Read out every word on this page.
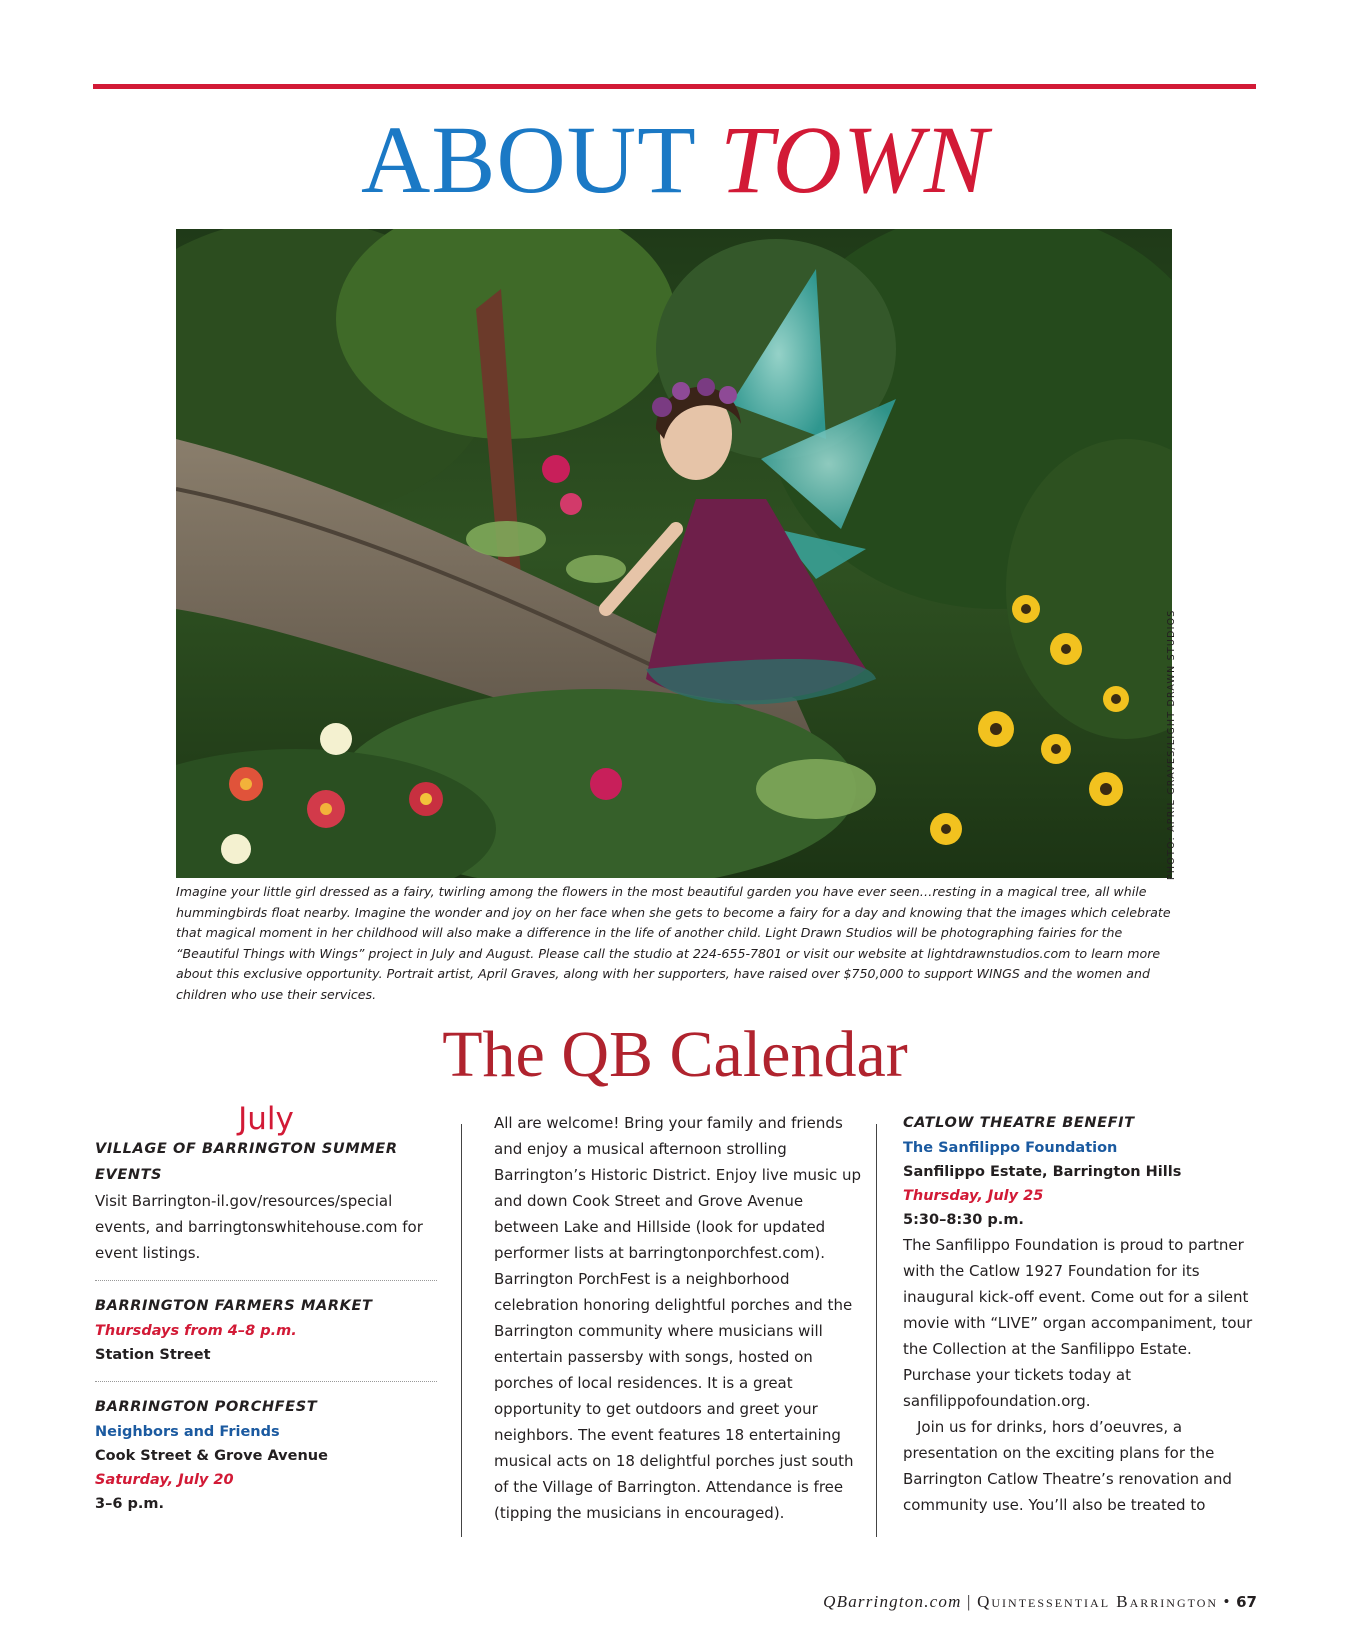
ABOUT TOWN
PHOTO: APRIL GRAVES/LIGHT DRAWN STUDIOS
Imagine your little girl dressed as a fairy, twirling among the flowers in the most beautiful garden you have ever seen…resting in a magical tree, all while hummingbirds float nearby. Imagine the wonder and joy on her face when she gets to become a fairy for a day and knowing that the images which celebrate that magical moment in her childhood will also make a difference in the life of another child. Light Drawn Studios will be photographing fairies for the “Beautiful Things with Wings” project in July and August. Please call the studio at 224-655-7801 or visit our website at lightdrawnstudios.com to learn more about this exclusive opportunity. Portrait artist, April Graves, along with her supporters, have raised over $750,000 to support WINGS and the women and children who use their services.
The QB Calendar
July
VILLAGE OF BARRINGTON SUMMER EVENTS
Visit Barrington-il.gov/resources/special events, and barringtonswhitehouse.com for event listings.
BARRINGTON FARMERS MARKET
Thursdays from 4–8 p.m.
Station Street
BARRINGTON PORCHFEST
Neighbors and Friends
Cook Street & Grove Avenue
Saturday, July 20
3–6 p.m.
All are welcome! Bring your family and friends and enjoy a musical afternoon strolling Barrington’s Historic District. Enjoy live music up and down Cook Street and Grove Avenue between Lake and Hillside (look for updated performer lists at barringtonporchfest.com). Barrington PorchFest is a neighborhood celebration honoring delightful porches and the Barrington community where musicians will entertain passersby with songs, hosted on porches of local residences. It is a great opportunity to get outdoors and greet your neighbors. The event features 18 entertaining musical acts on 18 delightful porches just south of the Village of Barrington. Attendance is free (tipping the musicians in encouraged).
CATLOW THEATRE BENEFIT
The Sanfilippo Foundation
Sanfilippo Estate, Barrington Hills
Thursday, July 25
5:30–8:30 p.m.
The Sanfilippo Foundation is proud to partner with the Catlow 1927 Foundation for its inaugural kick-off event. Come out for a silent movie with “LIVE” organ accompaniment, tour the Collection at the Sanfilippo Estate. Purchase your tickets today at sanfilippofoundation.org.
Join us for drinks, hors d’oeuvres, a presentation on the exciting plans for the Barrington Catlow Theatre’s renovation and community use. You’ll also be treated to
QBarrington.com | Quintessential Barrington • 67
